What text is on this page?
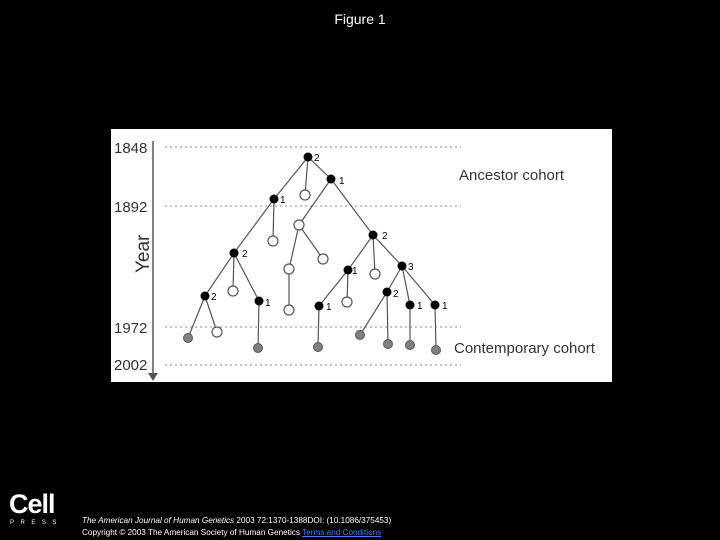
Figure 1
1848
1892
1972
2002
Year
2
1
1
2
2
2
1
1	3
1
2
1 1
Ancestor cohort
Contemporary cohort
Cell
PRESS The American Journal of Human Genetics 2003 72:1370-1388DOI: (10.1086/375453)
Copyright © 2003 The American Society of Human Genetics Terms and Conditions
